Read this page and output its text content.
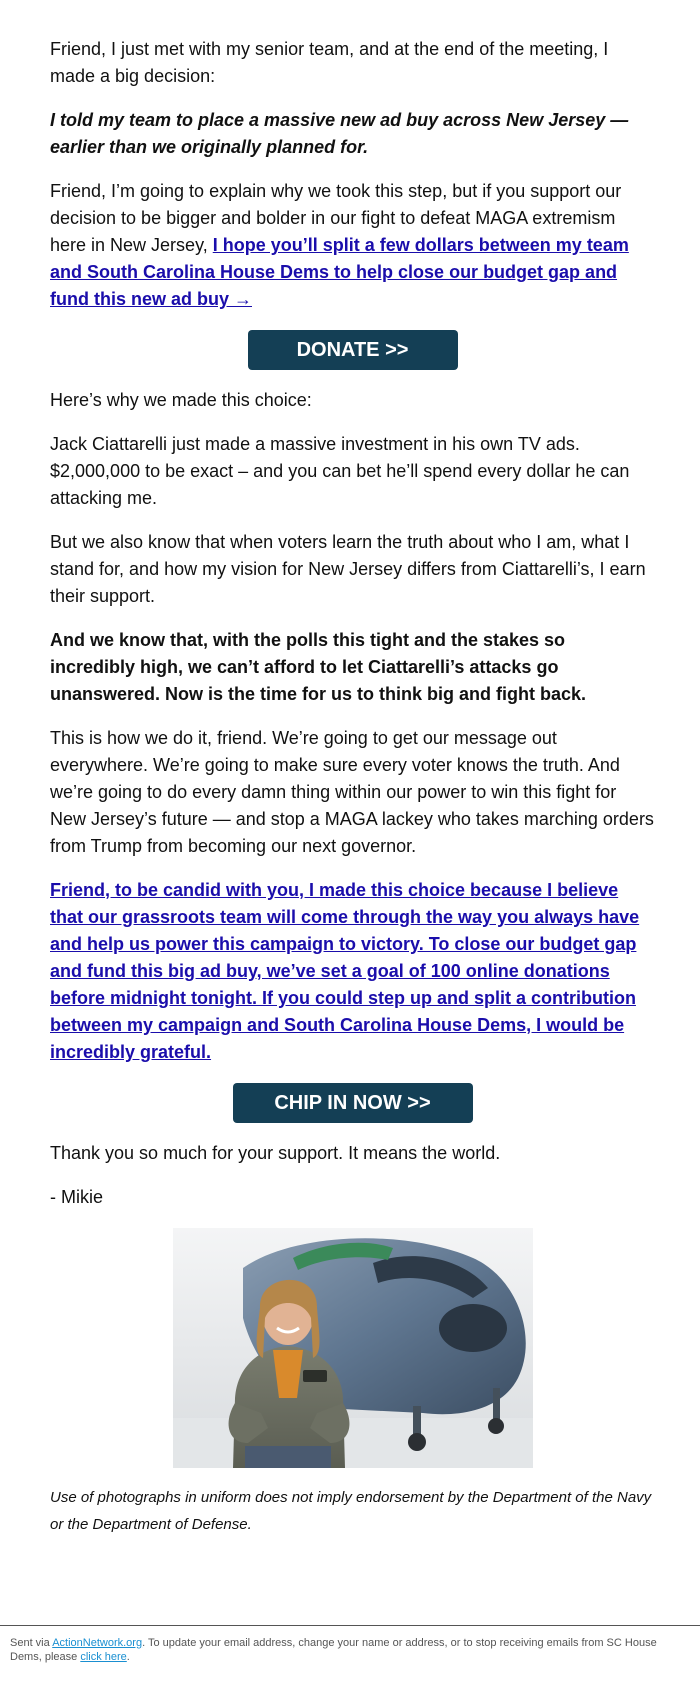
Friend, I just met with my senior team, and at the end of the meeting, I made a big decision:

I told my team to place a massive new ad buy across New Jersey — earlier than we originally planned for.

Friend, I’m going to explain why we took this step, but if you support our decision to be bigger and bolder in our fight to defeat MAGA extremism here in New Jersey, I hope you’ll split a few dollars between my team and South Carolina House Dems to help close our budget gap and fund this new ad buy →

DONATE >>

Here’s why we made this choice:

Jack Ciattarelli just made a massive investment in his own TV ads. $2,000,000 to be exact – and you can bet he’ll spend every dollar he can attacking me.

But we also know that when voters learn the truth about who I am, what I stand for, and how my vision for New Jersey differs from Ciattarelli’s, I earn their support.

And we know that, with the polls this tight and the stakes so incredibly high, we can’t afford to let Ciattarelli’s attacks go unanswered. Now is the time for us to think big and fight back.

This is how we do it, friend. We’re going to get our message out everywhere. We’re going to make sure every voter knows the truth. And we’re going to do every damn thing within our power to win this fight for New Jersey’s future — and stop a MAGA lackey who takes marching orders from Trump from becoming our next governor.

Friend, to be candid with you, I made this choice because I believe that our grassroots team will come through the way you always have and help us power this campaign to victory. To close our budget gap and fund this big ad buy, we’ve set a goal of 100 online donations before midnight tonight. If you could step up and split a contribution between my campaign and South Carolina House Dems, I would be incredibly grateful.

CHIP IN NOW >>

Thank you so much for your support. It means the world.

- Mikie

Use of photographs in uniform does not imply endorsement by the Department of the Navy or the Department of Defense.

Sent via ActionNetwork.org. To update your email address, change your name or address, or to stop receiving emails from SC House Dems, please click here.
